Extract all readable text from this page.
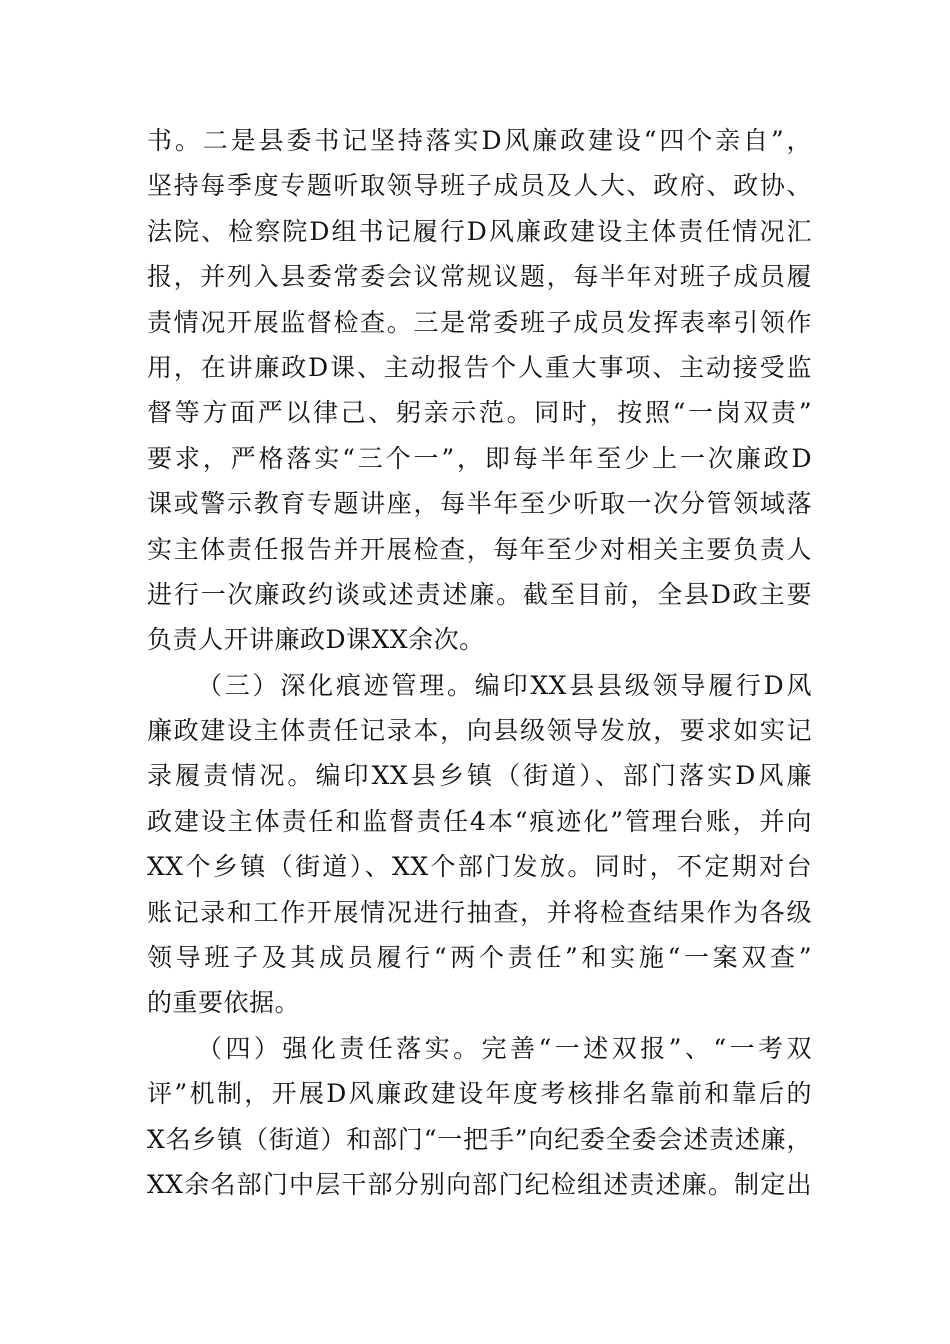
书。二是县委书记坚持落实D风廉政建设“四个亲自”，
坚持每季度专题听取领导班子成员及人大、政府、政协、
法院、检察院D组书记履行D风廉政建设主体责任情况汇
报，并列入县委常委会议常规议题，每半年对班子成员履
责情况开展监督检查。三是常委班子成员发挥表率引领作
用，在讲廉政D课、主动报告个人重大事项、主动接受监
督等方面严以律己、躬亲示范。同时，按照“一岗双责”
要求，严格落实“三个一”，即每半年至少上一次廉政D
课或警示教育专题讲座，每半年至少听取一次分管领域落
实主体责任报告并开展检查，每年至少对相关主要负责人
进行一次廉政约谈或述责述廉。截至目前，全县D政主要
负责人开讲廉政D课XX余次。
（三）深化痕迹管理。编印XX县县级领导履行D风
廉政建设主体责任记录本，向县级领导发放，要求如实记
录履责情况。编印XX县乡镇（街道）、部门落实D风廉
政建设主体责任和监督责任4本“痕迹化”管理台账，并向
XX个乡镇（街道）、XX个部门发放。同时，不定期对台
账记录和工作开展情况进行抽查，并将检查结果作为各级
领导班子及其成员履行“两个责任”和实施“一案双查”
的重要依据。
（四）强化责任落实。完善“一述双报”、“一考双
评”机制，开展D风廉政建设年度考核排名靠前和靠后的
X名乡镇（街道）和部门“一把手”向纪委全委会述责述廉，
XX余名部门中层干部分别向部门纪检组述责述廉。制定出
